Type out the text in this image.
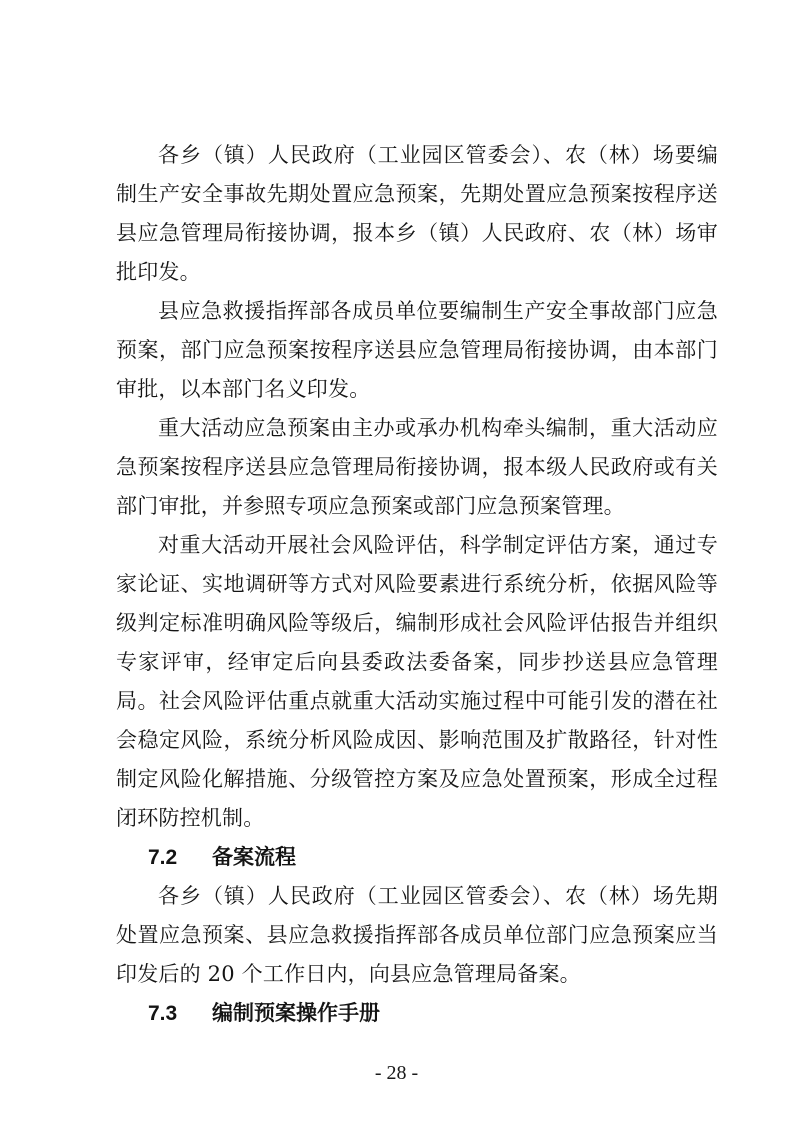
各乡（镇）人民政府（工业园区管委会）、农（林）场要编制生产安全事故先期处置应急预案，先期处置应急预案按程序送县应急管理局衔接协调，报本乡（镇）人民政府、农（林）场审批印发。

县应急救援指挥部各成员单位要编制生产安全事故部门应急预案，部门应急预案按程序送县应急管理局衔接协调，由本部门审批，以本部门名义印发。

重大活动应急预案由主办或承办机构牵头编制，重大活动应急预案按程序送县应急管理局衔接协调，报本级人民政府或有关部门审批，并参照专项应急预案或部门应急预案管理。

对重大活动开展社会风险评估，科学制定评估方案，通过专家论证、实地调研等方式对风险要素进行系统分析，依据风险等级判定标准明确风险等级后，编制形成社会风险评估报告并组织专家评审，经审定后向县委政法委备案，同步抄送县应急管理局。社会风险评估重点就重大活动实施过程中可能引发的潜在社会稳定风险，系统分析风险成因、影响范围及扩散路径，针对性制定风险化解措施、分级管控方案及应急处置预案，形成全过程闭环防控机制。

7.2 备案流程

各乡（镇）人民政府（工业园区管委会）、农（林）场先期处置应急预案、县应急救援指挥部各成员单位部门应急预案应当印发后的 20 个工作日内，向县应急管理局备案。

7.3 编制预案操作手册

- 28 -
